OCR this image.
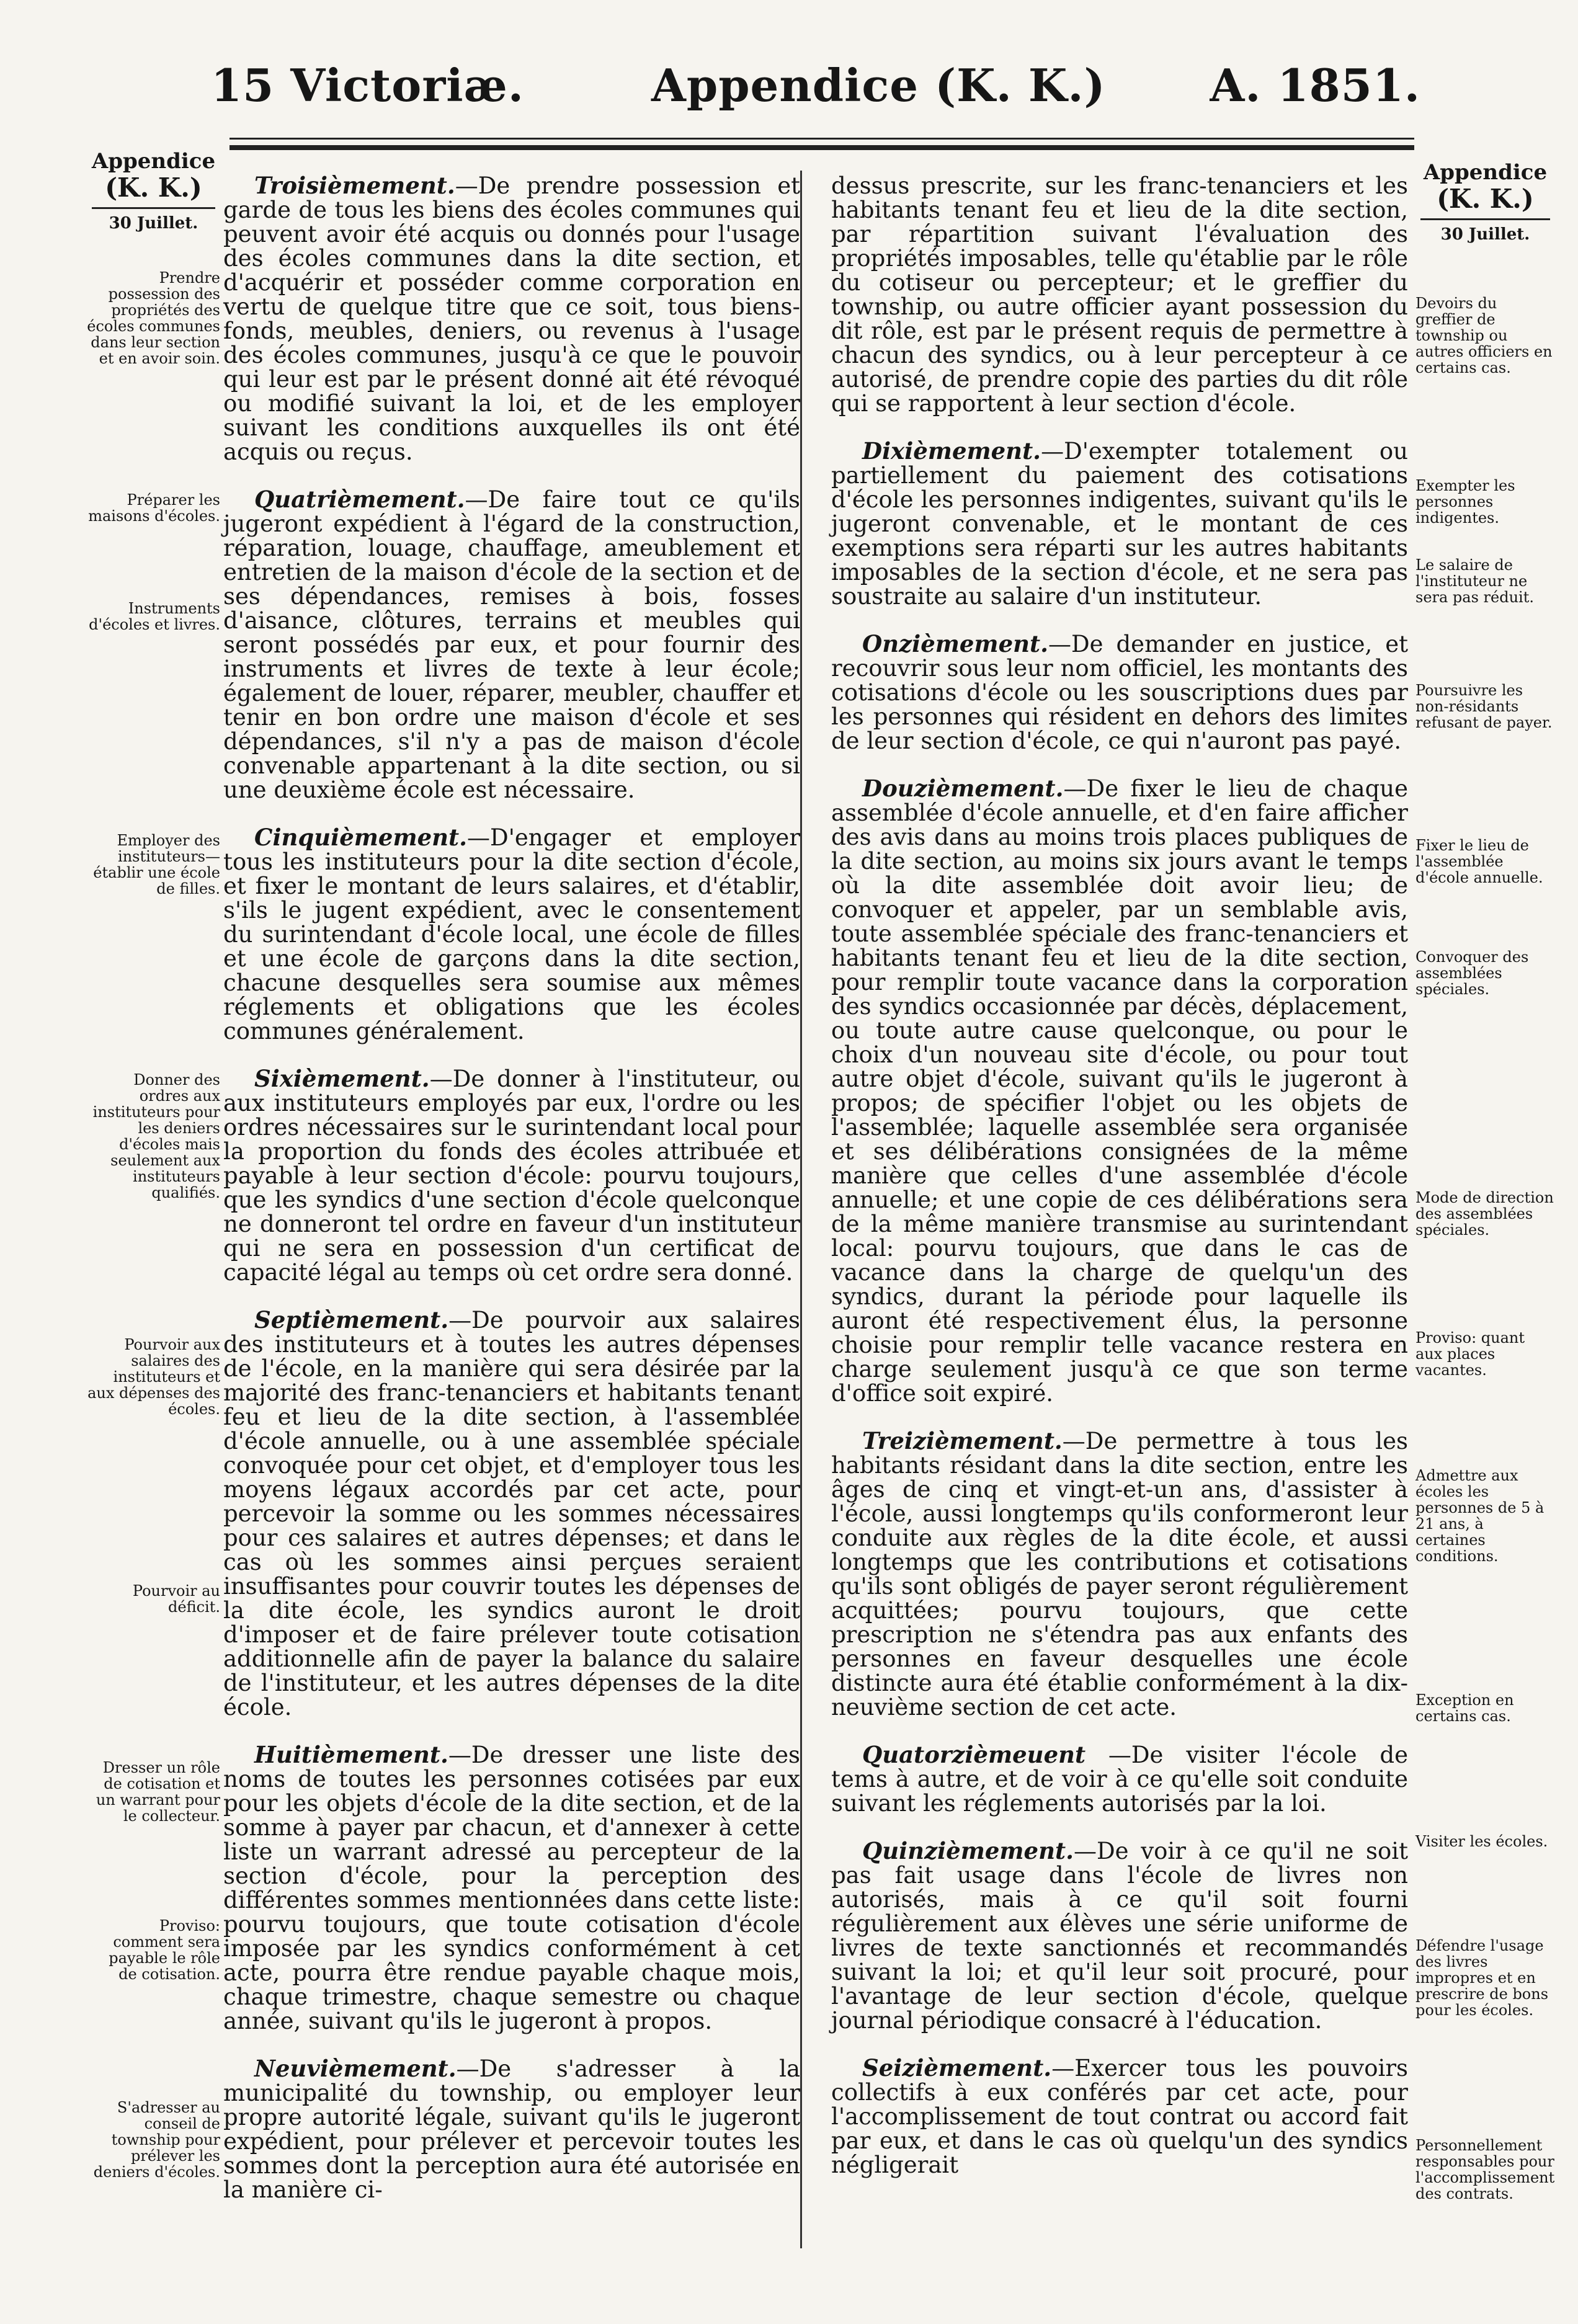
15 Victoriæ.	Appendice (K. K.) A. 1851.
Appendice
(K. K.)
30 Juillet.
Prendre possession des propriétés des écoles communes dans leur section et en avoir soin.
Préparer les maisons d'écoles.
Instruments d'écoles et livres.
Employer des instituteurs—établir une école de filles.
Donner des ordres aux instituteurs pour les deniers d'écoles mais seulement aux instituteurs qualifiés.
Pourvoir aux salaires des instituteurs et aux dépenses des écoles.
Pourvoir au déficit.
Dresser un rôle de cotisation et un warrant pour le collecteur.
Proviso: comment sera payable le rôle de cotisation.
S'adresser au conseil de township pour prélever les deniers d'écoles.

Troisièmement.—De prendre possession et garde de tous les biens des écoles communes qui peuvent avoir été acquis ou donnés pour l'usage des écoles communes dans la dite section, et d'acquérir et posséder comme corporation en vertu de quelque titre que ce soit, tous biens-fonds, meubles, deniers, ou revenus à l'usage des écoles communes, jusqu'à ce que le pouvoir qui leur est par le présent donné ait été révoqué ou modifié suivant la loi, et de les employer suivant les conditions auxquelles ils ont été acquis ou reçus.

Quatrièmement.—De faire tout ce qu'ils jugeront expédient à l'égard de la construction, réparation, louage, chauffage, ameublement et entretien de la maison d'école de la section et de ses dépendances, remises à bois, fosses d'aisance, clôtures, terrains et meubles qui seront possédés par eux, et pour fournir des instruments et livres de texte à leur école; également de louer, réparer, meubler, chauffer et tenir en bon ordre une maison d'école et ses dépendances, s'il n'y a pas de maison d'école convenable appartenant à la dite section, ou si une deuxième école est nécessaire.

Cinquièmement.—D'engager et employer tous les instituteurs pour la dite section d'école, et fixer le montant de leurs salaires, et d'établir, s'ils le jugent expédient, avec le consentement du surintendant d'école local, une école de filles et une école de garçons dans la dite section, chacune desquelles sera soumise aux mêmes réglements et obligations que les écoles communes généralement.

Sixièmement.—De donner à l'instituteur, ou aux instituteurs employés par eux, l'ordre ou les ordres nécessaires sur le surintendant local pour la proportion du fonds des écoles attribuée et payable à leur section d'école: pourvu toujours, que les syndics d'une section d'école quelconque ne donneront tel ordre en faveur d'un instituteur qui ne sera en possession d'un certificat de capacité légal au temps où cet ordre sera donné.

Septièmement.—De pourvoir aux salaires des instituteurs et à toutes les autres dépenses de l'école, en la manière qui sera désirée par la majorité des franc-tenanciers et habitants tenant feu et lieu de la dite section, à l'assemblée d'école annuelle, ou à une assemblée spéciale convoquée pour cet objet, et d'employer tous les moyens légaux accordés par cet acte, pour percevoir la somme ou les sommes nécessaires pour ces salaires et autres dépenses; et dans le cas où les sommes ainsi perçues seraient insuffisantes pour couvrir toutes les dépenses de la dite école, les syndics auront le droit d'imposer et de faire prélever toute cotisation additionnelle afin de payer la balance du salaire de l'instituteur, et les autres dépenses de la dite école.

Huitièmement.—De dresser une liste des noms de toutes les personnes cotisées par eux pour les objets d'école de la dite section, et de la somme à payer par chacun, et d'annexer à cette liste un warrant adressé au percepteur de la section d'école, pour la perception des différentes sommes mentionnées dans cette liste: pourvu toujours, que toute cotisation d'école imposée par les syndics conformément à cet acte, pourra être rendue payable chaque mois, chaque trimestre, chaque semestre ou chaque année, suivant qu'ils le jugeront à propos.

Neuvièmement.—De s'adresser à la municipalité du township, ou employer leur propre autorité légale, suivant qu'ils le jugeront expédient, pour prélever et percevoir toutes les sommes dont la perception aura été autorisée en la manière ci-

dessus prescrite, sur les franc-tenanciers et les habitants tenant feu et lieu de la dite section, par répartition suivant l'évaluation des propriétés imposables, telle qu'établie par le rôle du cotiseur ou percepteur; et le greffier du township, ou autre officier ayant possession du dit rôle, est par le présent requis de permettre à chacun des syndics, ou à leur percepteur à ce autorisé, de prendre copie des parties du dit rôle qui se rapportent à leur section d'école.

Dixièmement.—D'exempter totalement ou partiellement du paiement des cotisations d'école les personnes indigentes, suivant qu'ils le jugeront convenable, et le montant de ces exemptions sera réparti sur les autres habitants imposables de la section d'école, et ne sera pas soustraite au salaire d'un instituteur.

Onzièmement.—De demander en justice, et recouvrir sous leur nom officiel, les montants des cotisations d'école ou les souscriptions dues par les personnes qui résident en dehors des limites de leur section d'école, ce qui n'auront pas payé.

Douzièmement.—De fixer le lieu de chaque assemblée d'école annuelle, et d'en faire afficher des avis dans au moins trois places publiques de la dite section, au moins six jours avant le temps où la dite assemblée doit avoir lieu; de convoquer et appeler, par un semblable avis, toute assemblée spéciale des franc-tenanciers et habitants tenant feu et lieu de la dite section, pour remplir toute vacance dans la corporation des syndics occasionnée par décès, déplacement, ou toute autre cause quelconque, ou pour le choix d'un nouveau site d'école, ou pour tout autre objet d'école, suivant qu'ils le jugeront à propos; de spécifier l'objet ou les objets de l'assemblée; laquelle assemblée sera organisée et ses délibérations consignées de la même manière que celles d'une assemblée d'école annuelle; et une copie de ces délibérations sera de la même manière transmise au surintendant local: pourvu toujours, que dans le cas de vacance dans la charge de quelqu'un des syndics, durant la période pour laquelle ils auront été respectivement élus, la personne choisie pour remplir telle vacance restera en charge seulement jusqu'à ce que son terme d'office soit expiré.

Treizièmement.—De permettre à tous les habitants résidant dans la dite section, entre les âges de cinq et vingt-et-un ans, d'assister à l'école, aussi longtemps qu'ils conformeront leur conduite aux règles de la dite école, et aussi longtemps que les contributions et cotisations qu'ils sont obligés de payer seront régulièrement acquittées; pourvu toujours, que cette prescription ne s'étendra pas aux enfants des personnes en faveur desquelles une école distincte aura été établie conformément à la dix-neuvième section de cet acte.

Quatorzièmeuent —De visiter l'école de tems à autre, et de voir à ce qu'elle soit conduite suivant les réglements autorisés par la loi.

Quinzièmement.—De voir à ce qu'il ne soit pas fait usage dans l'école de livres non autorisés, mais à ce qu'il soit fourni régulièrement aux élèves une série uniforme de livres de texte sanctionnés et recommandés suivant la loi; et qu'il leur soit procuré, pour l'avantage de leur section d'école, quelque journal périodique consacré à l'éducation.

Seizièmement.—Exercer tous les pouvoirs collectifs à eux conférés par cet acte, pour l'accomplissement de tout contrat ou accord fait par eux, et dans le cas où quelqu'un des syndics négligerait

Appendice
(K. K.)
30 Juillet.
Devoirs du greffier de township ou autres officiers en certains cas.
Exempter les personnes indigentes.
Le salaire de l'instituteur ne sera pas réduit.
Poursuivre les non-résidants refusant de payer.
Fixer le lieu de l'assemblée d'école annuelle.
Convoquer des assemblées spéciales.
Mode de direction des assemblées spéciales.
Proviso: quant aux places vacantes.
Admettre aux écoles les personnes de 5 à 21 ans, à certaines conditions.
Exception en certains cas.
Visiter les écoles.
Défendre l'usage des livres impropres et en prescrire de bons pour les écoles.
Personnellement responsables pour l'accomplissement des contrats.
